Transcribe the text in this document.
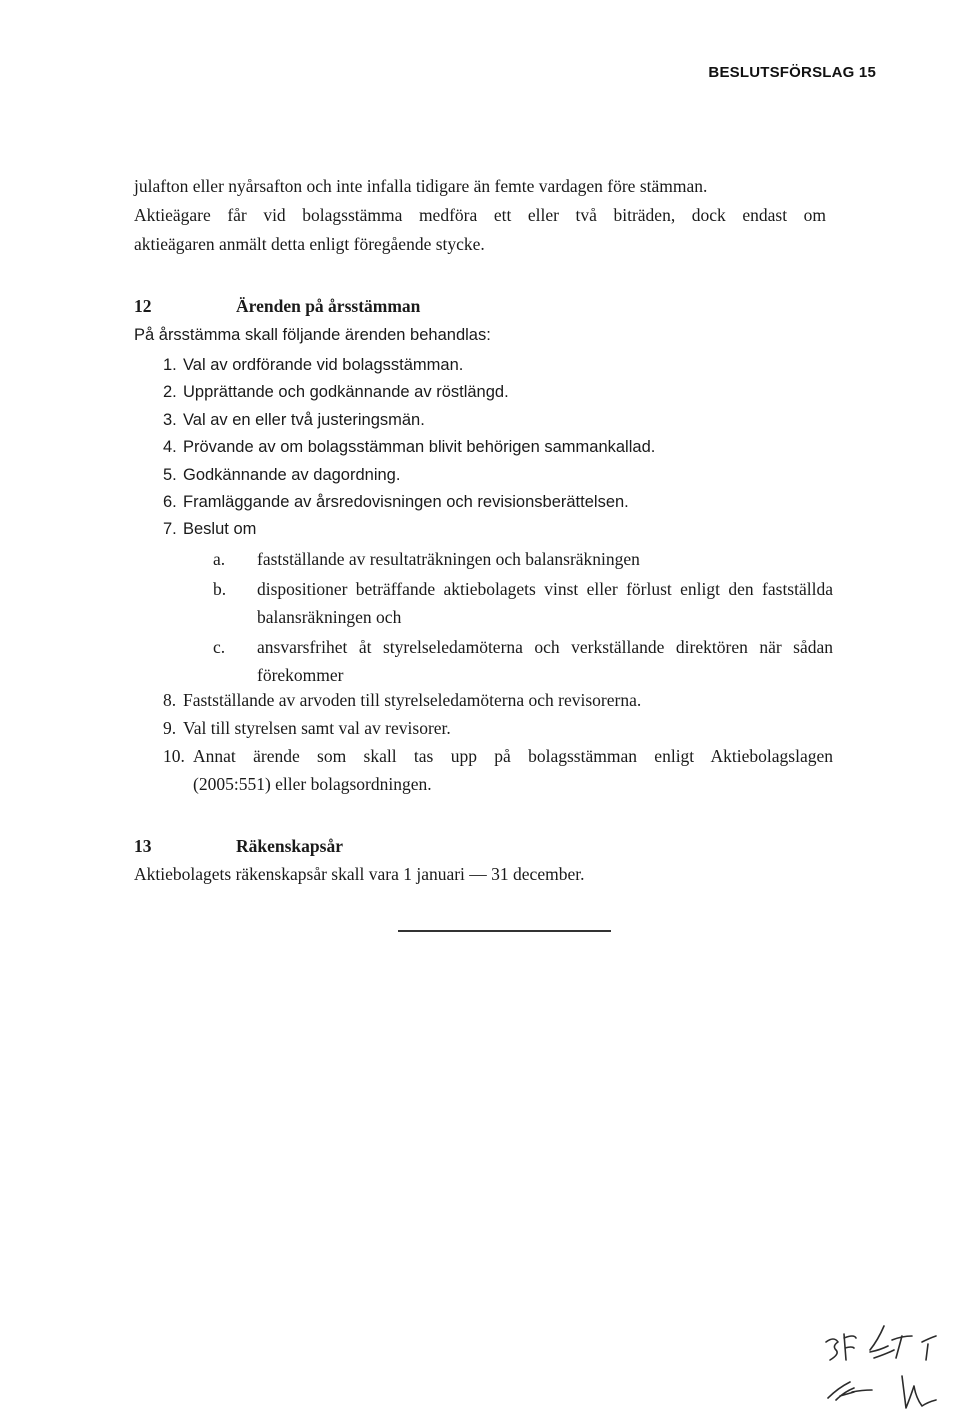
BESLUTSFÖRSLAG 15
julafton eller nyårsafton och inte infalla tidigare än femte vardagen före stämman.
Aktieägare får vid bolagsstämma medföra ett eller två biträden, dock endast om
aktieägaren anmält detta enligt föregående stycke.
12	Ärenden på årsstämman
På årsstämma skall följande ärenden behandlas:
1. Val av ordförande vid bolagsstämman.
2. Upprättande och godkännande av röstlängd.
3. Val av en eller två justeringsmän.
4. Prövande av om bolagsstämman blivit behörigen sammankallad.
5. Godkännande av dagordning.
6. Framläggande av årsredovisningen och revisionsberättelsen.
7. Beslut om
a.	fastställande av resultaträkningen och balansräkningen
b.	dispositioner beträffande aktiebolagets vinst eller förlust enligt den fastställda balansräkningen och
c.	ansvarsfrihet åt styrelseledamöterna och verkställande direktören när sådan förekommer
8. Fastställande av arvoden till styrelseledamöterna och revisorerna.
9. Val till styrelsen samt val av revisorer.
10. Annat ärende som skall tas upp på bolagsstämman enligt Aktiebolagslagen
(2005:551) eller bolagsordningen.
13	Räkenskapsår
Aktiebolagets räkenskapsår skall vara 1 januari — 31 december.
